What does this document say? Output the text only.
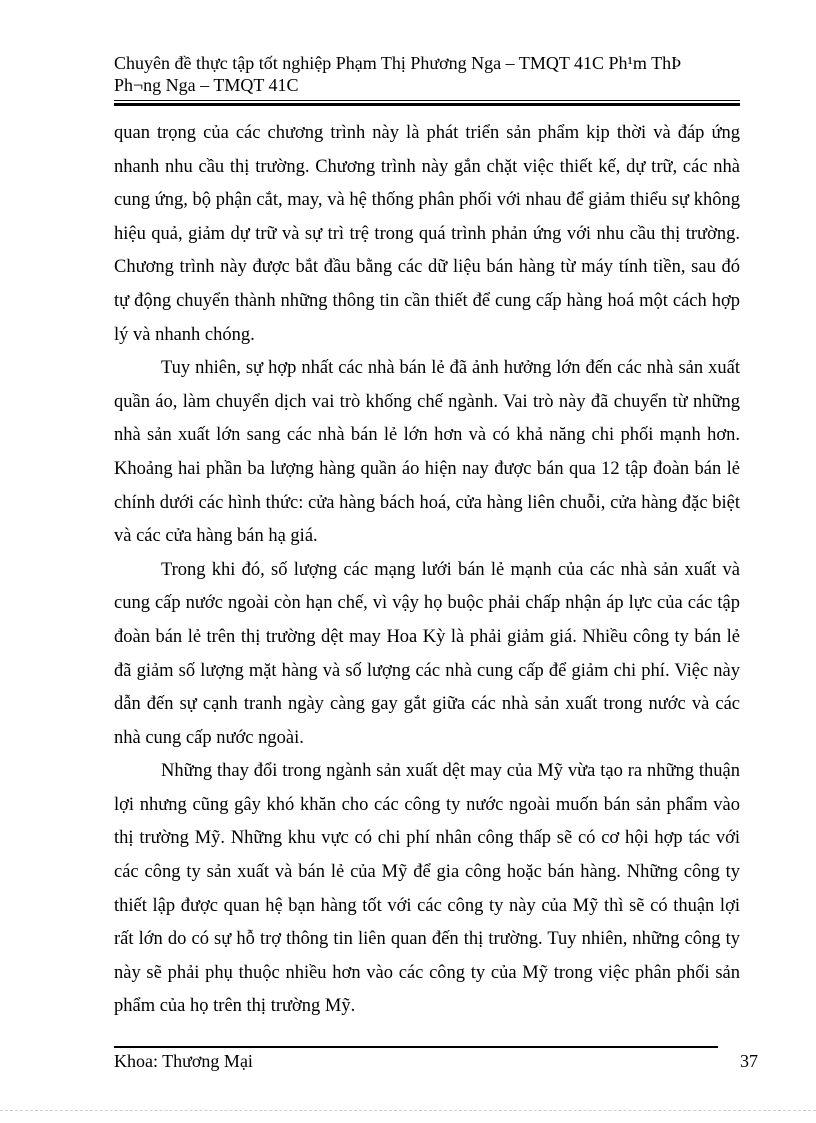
Chuyên đề thực tập tốt nghiệp Phạm Thị Phương Nga – TMQT 41C Ph¹m ThÞ
Ph¬ng Nga – TMQT 41C

quan trọng của các chương trình này là phát triển sản phẩm kịp thời và đáp ứng nhanh nhu cầu thị trường. Chương trình này gắn chặt việc thiết kế, dự trữ, các nhà cung ứng, bộ phận cắt, may, và hệ thống phân phối với nhau để giảm thiểu sự không hiệu quả, giảm dự trữ và sự trì trệ trong quá trình phản ứng với nhu cầu thị trường. Chương trình này được bắt đầu bằng các dữ liệu bán hàng từ máy tính tiền, sau đó tự động chuyển thành những thông tin cần thiết để cung cấp hàng hoá một cách hợp lý và nhanh chóng.

Tuy nhiên, sự hợp nhất các nhà bán lẻ đã ảnh hưởng lớn đến các nhà sản xuất quần áo, làm chuyển dịch vai trò khống chế ngành. Vai trò này đã chuyển từ những nhà sản xuất lớn sang các nhà bán lẻ lớn hơn và có khả năng chi phối mạnh hơn. Khoảng hai phần ba lượng hàng quần áo hiện nay được bán qua 12 tập đoàn bán lẻ chính dưới các hình thức: cửa hàng bách hoá, cửa hàng liên chuỗi, cửa hàng đặc biệt và các cửa hàng bán hạ giá.

Trong khi đó, số lượng các mạng lưới bán lẻ mạnh của các nhà sản xuất và cung cấp nước ngoài còn hạn chế, vì vậy họ buộc phải chấp nhận áp lực của các tập đoàn bán lẻ trên thị trường dệt may Hoa Kỳ là phải giảm giá. Nhiều công ty bán lẻ đã giảm số lượng mặt hàng và số lượng các nhà cung cấp để giảm chi phí. Việc này dẫn đến sự cạnh tranh ngày càng gay gắt giữa các nhà sản xuất trong nước và các nhà cung cấp nước ngoài.

Những thay đổi trong ngành sản xuất dệt may của Mỹ vừa tạo ra những thuận lợi nhưng cũng gây khó khăn cho các công ty nước ngoài muốn bán sản phẩm vào thị trường Mỹ. Những khu vực có chi phí nhân công thấp sẽ có cơ hội hợp tác với các công ty sản xuất và bán lẻ của Mỹ để gia công hoặc bán hàng. Những công ty thiết lập được quan hệ bạn hàng tốt với các công ty này của Mỹ thì sẽ có thuận lợi rất lớn do có sự hỗ trợ thông tin liên quan đến thị trường. Tuy nhiên, những công ty này sẽ phải phụ thuộc nhiều hơn vào các công ty của Mỹ trong việc phân phối sản phẩm của họ trên thị trường Mỹ.

Khoa: Thương Mại	37
